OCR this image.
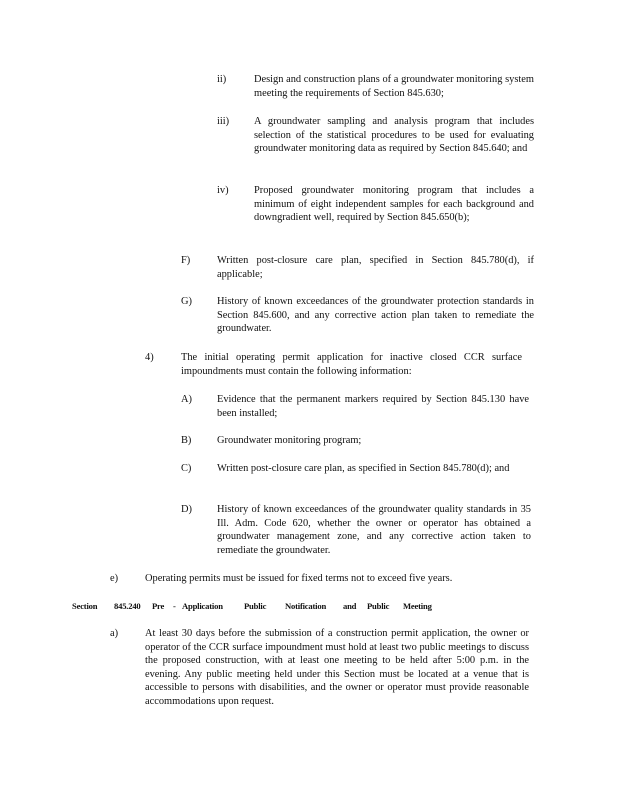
ii)	Design and construction plans of a groundwater monitoring system meeting the requirements of Section 845.630;
iii) A groundwater sampling and analysis program that includes selection of the statistical procedures to be used for evaluating groundwater monitoring data as required by Section 845.640; and
iv) Proposed groundwater monitoring program that includes a minimum of eight independent samples for each background and downgradient well, required by Section 845.650(b);
F)	Written post-closure care plan, specified in Section 845.780(d), if applicable;
G) History of known exceedances of the groundwater protection standards in Section 845.600, and any corrective action plan taken to remediate the groundwater.
4)	The initial operating permit application for inactive closed CCR surface impoundments must contain the following information:
A) Evidence that the permanent markers required by Section 845.130 have been installed;
B) Groundwater monitoring program;
C) Written post-closure care plan, as specified in Section 845.780(d); and
D) History of known exceedances of the groundwater quality standards in 35 Ill. Adm. Code 620, whether the owner or operator has obtained a groundwater management zone, and any corrective action taken to remediate the groundwater.
e)	Operating permits must be issued for fixed terms not to exceed five years.
Section 845.240 Pre - Application Public Notification and Public Meeting
a)	At least 30 days before the submission of a construction permit application, the owner or operator of the CCR surface impoundment must hold at least two public meetings to discuss the proposed construction, with at least one meeting to be held after 5:00 p.m. in the evening. Any public meeting held under this Section must be located at a venue that is accessible to persons with disabilities, and the owner or operator must provide reasonable accommodations upon request.
